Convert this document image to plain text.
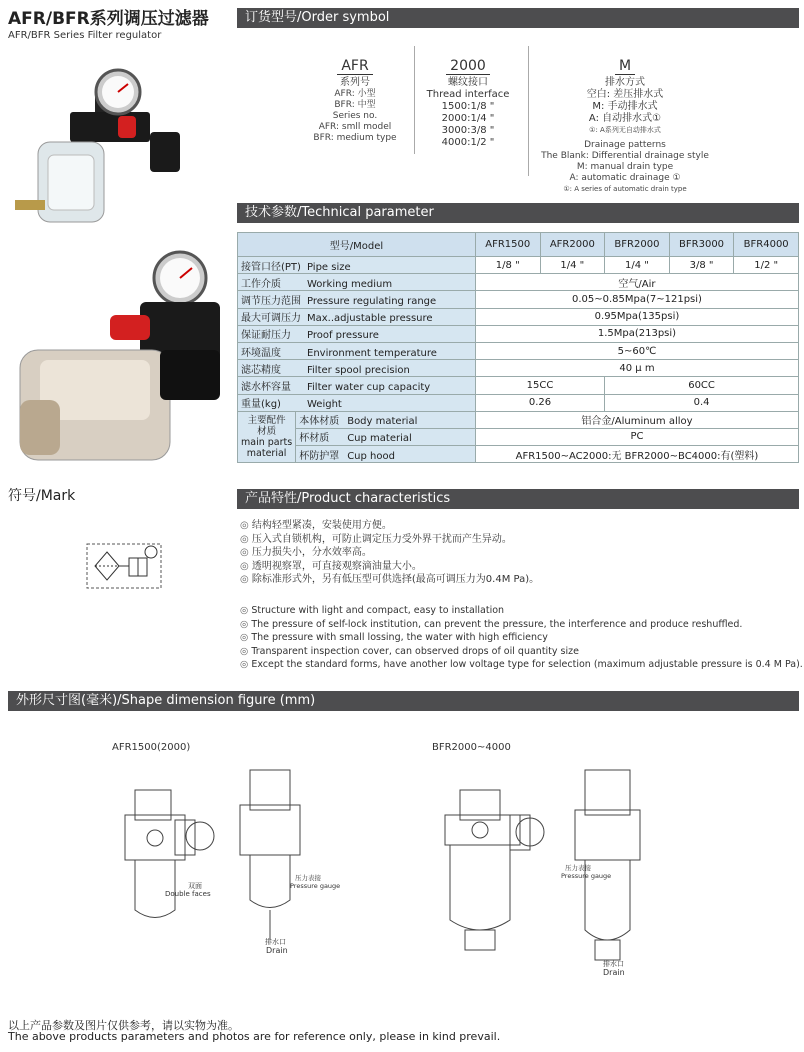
AFR/BFR系列调压过滤器
AFR/BFR Series Filter regulator
订货型号/Order symbol
AFR
系列号
AFR: 小型
BFR: 中型
Series no.
AFR: smll model
BFR: medium type
2000
螺纹接口
Thread interface
1500:1/8 "
2000:1/4 "
3000:3/8 "
4000:1/2 "
M
排水方式
空白: 差压排水式
M: 手动排水式
A: 自动排水式①
①: A系列无自动排水式
Drainage patterns
The Blank: Differential drainage style
M: manual drain type
A: automatic drainage ①
①: A series of automatic drain type
技术参数/Technical parameter
型号/Model		AFR1500	AFR2000	BFR2000	BFR3000	BFR4000
接管口径(PT) Pipe size		1/8 "	1/4 "	1/4 "	3/8 "	1/2 "
工作介质 Working medium		空气/Air				
调节压力范围 Pressure regulating range		0.05~0.85Mpa(7~121psi)				
最大可调压力 Max..adjustable pressure		0.95Mpa(135psi)				
保证耐压力 Proof pressure		1.5Mpa(213psi)				
环境温度 Environment temperature		5~60℃				
滤芯精度 Filter spool precision		40 μ m				
滤水杯容量 Filter water cup capacity		15CC		60CC		
重量(kg) Weight		0.26		0.4		

主要配件
材质
main parts
material	本体材质 Body material	铝合金/Aluminum alloy				
	杯材质 Cup material	PC				
	杯防护罩 Cup hood	AFR1500~AC2000:无 BFR2000~BC4000:有(塑料)				
符号/Mark	产品特性/Product characteristics
◎ 结构轻型紧凑，安装使用方便。
◎ 压入式自锁机构，可防止调定压力受外界干扰而产生异动。
◎ 压力损失小，分水效率高。
◎ 透明视察罩，可直接观察滴油量大小。
◎ 除标准形式外，另有低压型可供选择(最高可调压力为0.4M Pa)。
◎ Structure with light and compact, easy to installation
◎ The pressure of self-lock institution, can prevent the pressure, the interference and produce reshuffled.
◎ The pressure with small lossing, the water with high efficiency
◎ Transparent inspection cover, can observed drops of oil quantity size
◎ Except the standard forms, have another low voltage type for selection (maximum adjustable pressure is 0.4 M Pa).
外形尺寸图(毫米)/Shape dimension figure (mm)
AFR1500(2000)	BFR2000~4000
双面
Double faces
压力表接
Pressure gauge
排水口
Drain
压力表接
Pressure gauge
排水口
Drain
以上产品参数及图片仅供参考，请以实物为准。
The above products parameters and photos are for reference only, please in kind prevail.
